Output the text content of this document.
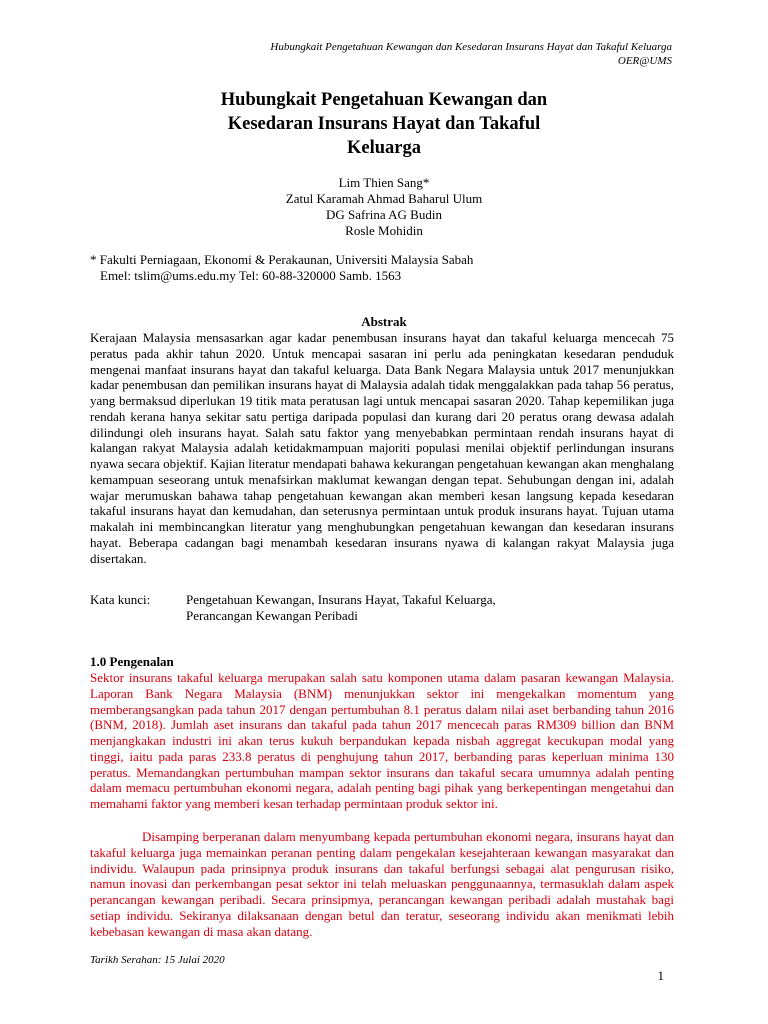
Hubungkait Pengetahuan Kewangan dan Kesedaran Insurans Hayat dan Takaful Keluarga
OER@UMS
Hubungkait Pengetahuan Kewangan dan
Kesedaran Insurans Hayat dan Takaful
Keluarga
Lim Thien Sang*
Zatul Karamah Ahmad Baharul Ulum
DG Safrina AG Budin
Rosle Mohidin
* Fakulti Perniagaan, Ekonomi & Perakaunan, Universiti Malaysia Sabah
Emel: tslim@ums.edu.my Tel: 60-88-320000 Samb. 1563
Abstrak
Kerajaan Malaysia mensasarkan agar kadar penembusan insurans hayat dan takaful keluarga mencecah 75 peratus pada akhir tahun 2020. Untuk mencapai sasaran ini perlu ada peningkatan kesedaran penduduk mengenai manfaat insurans hayat dan takaful keluarga. Data Bank Negara Malaysia untuk 2017 menunjukkan kadar penembusan dan pemilikan insurans hayat di Malaysia adalah tidak menggalakkan pada tahap 56 peratus, yang bermaksud diperlukan 19 titik mata peratusan lagi untuk mencapai sasaran 2020. Tahap kepemilikan juga rendah kerana hanya sekitar satu pertiga daripada populasi dan kurang dari 20 peratus orang dewasa adalah dilindungi oleh insurans hayat. Salah satu faktor yang menyebabkan permintaan rendah insurans hayat di kalangan rakyat Malaysia adalah ketidakmampuan majoriti populasi menilai objektif perlindungan insurans nyawa secara objektif. Kajian literatur mendapati bahawa kekurangan pengetahuan kewangan akan menghalang kemampuan seseorang untuk menafsirkan maklumat kewangan dengan tepat. Sehubungan dengan ini, adalah wajar merumuskan bahawa tahap pengetahuan kewangan akan memberi kesan langsung kepada kesedaran takaful insurans hayat dan kemudahan, dan seterusnya permintaan untuk produk insurans hayat. Tujuan utama makalah ini membincangkan literatur yang menghubungkan pengetahuan kewangan dan kesedaran insurans hayat. Beberapa cadangan bagi menambah kesedaran insurans nyawa di kalangan rakyat Malaysia juga disertakan.
Kata kunci:	Pengetahuan Kewangan, Insurans Hayat, Takaful Keluarga,
Perancangan Kewangan Peribadi
1.0 Pengenalan
Sektor insurans takaful keluarga merupakan salah satu komponen utama dalam pasaran kewangan Malaysia. Laporan Bank Negara Malaysia (BNM) menunjukkan sektor ini mengekalkan momentum yang memberangsangkan pada tahun 2017 dengan pertumbuhan 8.1 peratus dalam nilai aset berbanding tahun 2016 (BNM, 2018). Jumlah aset insurans dan takaful pada tahun 2017 mencecah paras RM309 billion dan BNM menjangkakan industri ini akan terus kukuh berpandukan kepada nisbah aggregat kecukupan modal yang tinggi, iaitu pada paras 233.8 peratus di penghujung tahun 2017, berbanding paras keperluan minima 130 peratus. Memandangkan pertumbuhan mampan sektor insurans dan takaful secara umumnya adalah penting dalam memacu pertumbuhan ekonomi negara, adalah penting bagi pihak yang berkepentingan mengetahui dan memahami faktor yang memberi kesan terhadap permintaan produk sektor ini.
Disamping berperanan dalam menyumbang kepada pertumbuhan ekonomi negara, insurans hayat dan takaful keluarga juga memainkan peranan penting dalam pengekalan kesejahteraan kewangan masyarakat dan individu. Walaupun pada prinsipnya produk insurans dan takaful berfungsi sebagai alat pengurusan risiko, namun inovasi dan perkembangan pesat sektor ini telah meluaskan penggunaannya, termasuklah dalam aspek perancangan kewangan peribadi. Secara prinsipmya, perancangan kewangan peribadi adalah mustahak bagi setiap individu. Sekiranya dilaksanaan dengan betul dan teratur, seseorang individu akan menikmati lebih kebebasan kewangan di masa akan datang.
Tarikh Serahan: 15 Julai 2020
1
